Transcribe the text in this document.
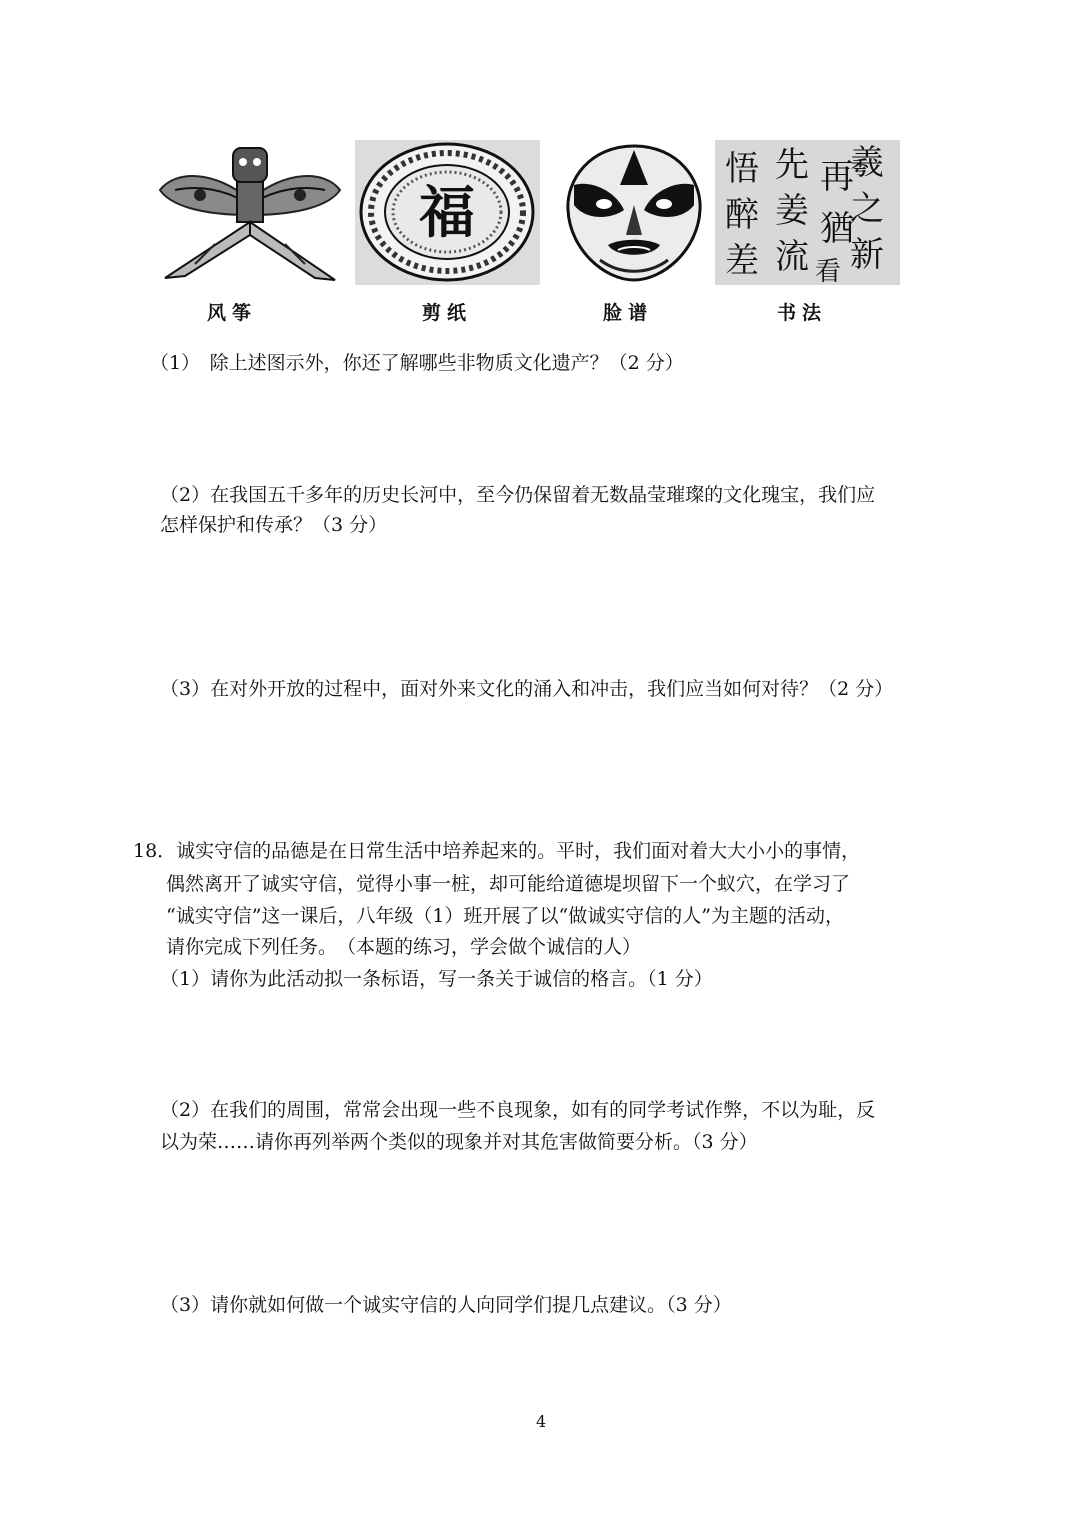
福
悟
醉
差
先
姜
流
再
羲
之
新
猶
看
风筝	剪纸	脸谱	书法
（1）　除上述图示外，你还了解哪些非物质文化遗产？（2 分）
（2）在我国五千多年的历史长河中，至今仍保留着无数晶莹璀璨的文化瑰宝，我们应
怎样保护和传承？（3 分）
（3）在对外开放的过程中，面对外来文化的涌入和冲击，我们应当如何对待？（2 分）
18．诚实守信的品德是在日常生活中培养起来的。平时，我们面对着大大小小的事情，
偶然离开了诚实守信，觉得小事一桩，却可能给道德堤坝留下一个蚁穴，在学习了
“诚实守信”这一课后，八年级（1）班开展了以“做诚实守信的人”为主题的活动，
请你完成下列任务。　（本题的练习，学会做个诚信的人）
（1）请你为此活动拟一条标语，写一条关于诚信的格言。（1 分）
（2）在我们的周围，常常会出现一些不良现象，如有的同学考试作弊，不以为耻，反
以为荣……请你再列举两个类似的现象并对其危害做简要分析。（3 分）
（3）请你就如何做一个诚实守信的人向同学们提几点建议。（3 分）
4
